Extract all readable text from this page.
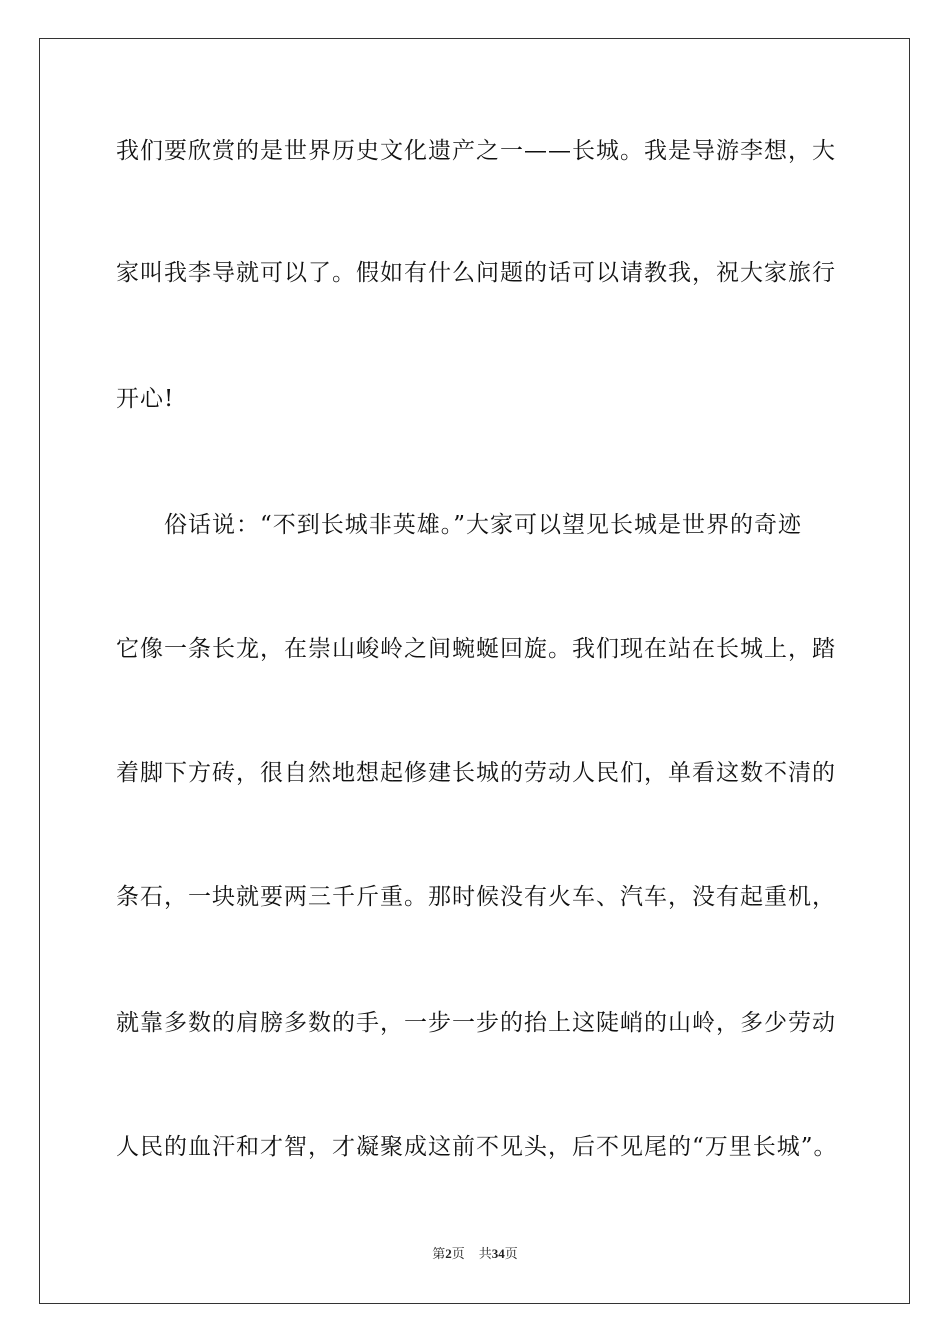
我们要欣赏的是世界历史文化遗产之一——长城。我是导游李想，大
家叫我李导就可以了。假如有什么问题的话可以请教我，祝大家旅行
开心!
　　俗话说：“不到长城非英雄。”大家可以望见长城是世界的奇迹
它像一条长龙，在崇山峻岭之间蜿蜒回旋。我们现在站在长城上，踏
着脚下方砖，很自然地想起修建长城的劳动人民们，单看这数不清的
条石，一块就要两三千斤重。那时候没有火车、汽车，没有起重机，
就靠多数的肩膀多数的手，一步一步的抬上这陡峭的山岭，多少劳动
人民的血汗和才智，才凝聚成这前不见头，后不见尾的“万里长城”。
第2页 共34页
